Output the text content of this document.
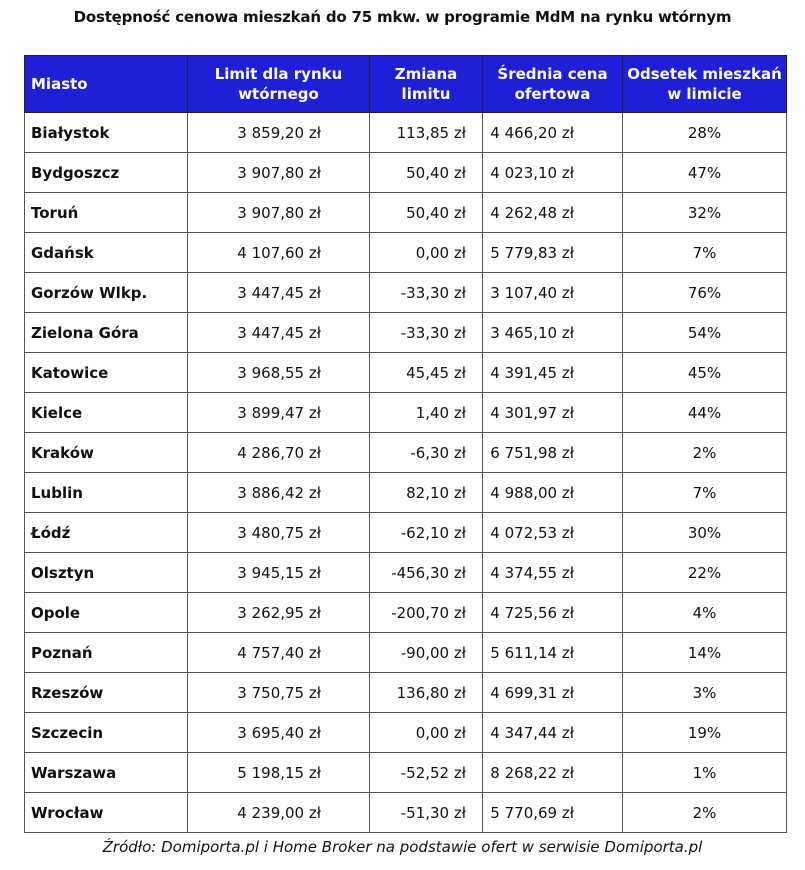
Dostępność cenowa mieszkań do 75 mkw. w programie MdM na rynku wtórnym
Miasto	Limit dla rynku wtórnego	Zmiana limitu	Średnia cena ofertowa	Odsetek mieszkań w limicie
Białystok	3 859,20 zł	113,85 zł	4 466,20 zł	28%
Bydgoszcz	3 907,80 zł	50,40 zł	4 023,10 zł	47%
Toruń	3 907,80 zł	50,40 zł	4 262,48 zł	32%
Gdańsk	4 107,60 zł	0,00 zł	5 779,83 zł	7%
Gorzów Wlkp.	3 447,45 zł	-33,30 zł	3 107,40 zł	76%
Zielona Góra	3 447,45 zł	-33,30 zł	3 465,10 zł	54%
Katowice	3 968,55 zł	45,45 zł	4 391,45 zł	45%
Kielce	3 899,47 zł	1,40 zł	4 301,97 zł	44%
Kraków	4 286,70 zł	-6,30 zł	6 751,98 zł	2%
Lublin	3 886,42 zł	82,10 zł	4 988,00 zł	7%
Łódź	3 480,75 zł	-62,10 zł	4 072,53 zł	30%
Olsztyn	3 945,15 zł	-456,30 zł	4 374,55 zł	22%
Opole	3 262,95 zł	-200,70 zł	4 725,56 zł	4%
Poznań	4 757,40 zł	-90,00 zł	5 611,14 zł	14%
Rzeszów	3 750,75 zł	136,80 zł	4 699,31 zł	3%
Szczecin	3 695,40 zł	0,00 zł	4 347,44 zł	19%
Warszawa	5 198,15 zł	-52,52 zł	8 268,22 zł	1%
Wrocław	4 239,00 zł	-51,30 zł	5 770,69 zł	2%
Źródło: Domiporta.pl i Home Broker na podstawie ofert w serwisie Domiporta.pl
